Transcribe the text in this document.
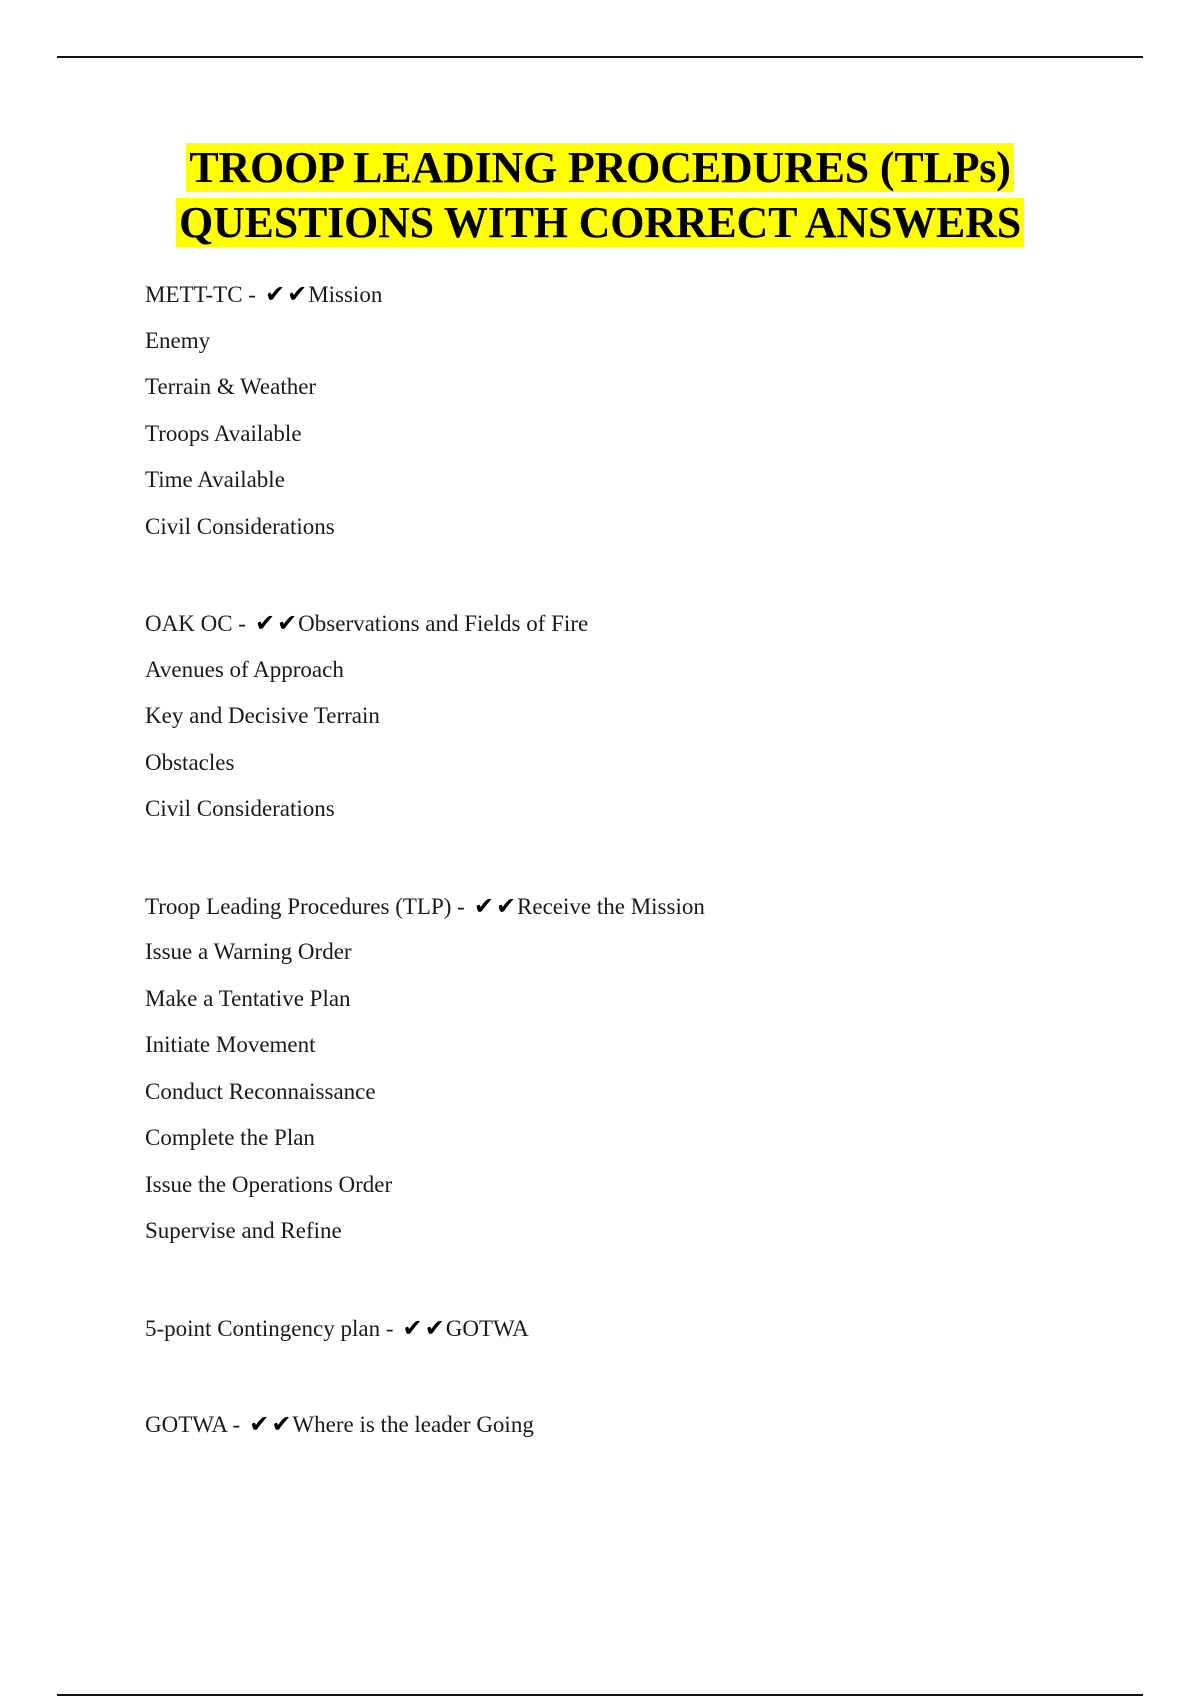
TROOP LEADING PROCEDURES (TLPs)
QUESTIONS WITH CORRECT ANSWERS
METT-TC - ✔✔Mission
Enemy
Terrain & Weather
Troops Available
Time Available
Civil Considerations
OAK OC - ✔✔Observations and Fields of Fire
Avenues of Approach
Key and Decisive Terrain
Obstacles
Civil Considerations
Troop Leading Procedures (TLP) - ✔✔Receive the Mission
Issue a Warning Order
Make a Tentative Plan
Initiate Movement
Conduct Reconnaissance
Complete the Plan
Issue the Operations Order
Supervise and Refine
5-point Contingency plan - ✔✔GOTWA
GOTWA - ✔✔Where is the leader Going
